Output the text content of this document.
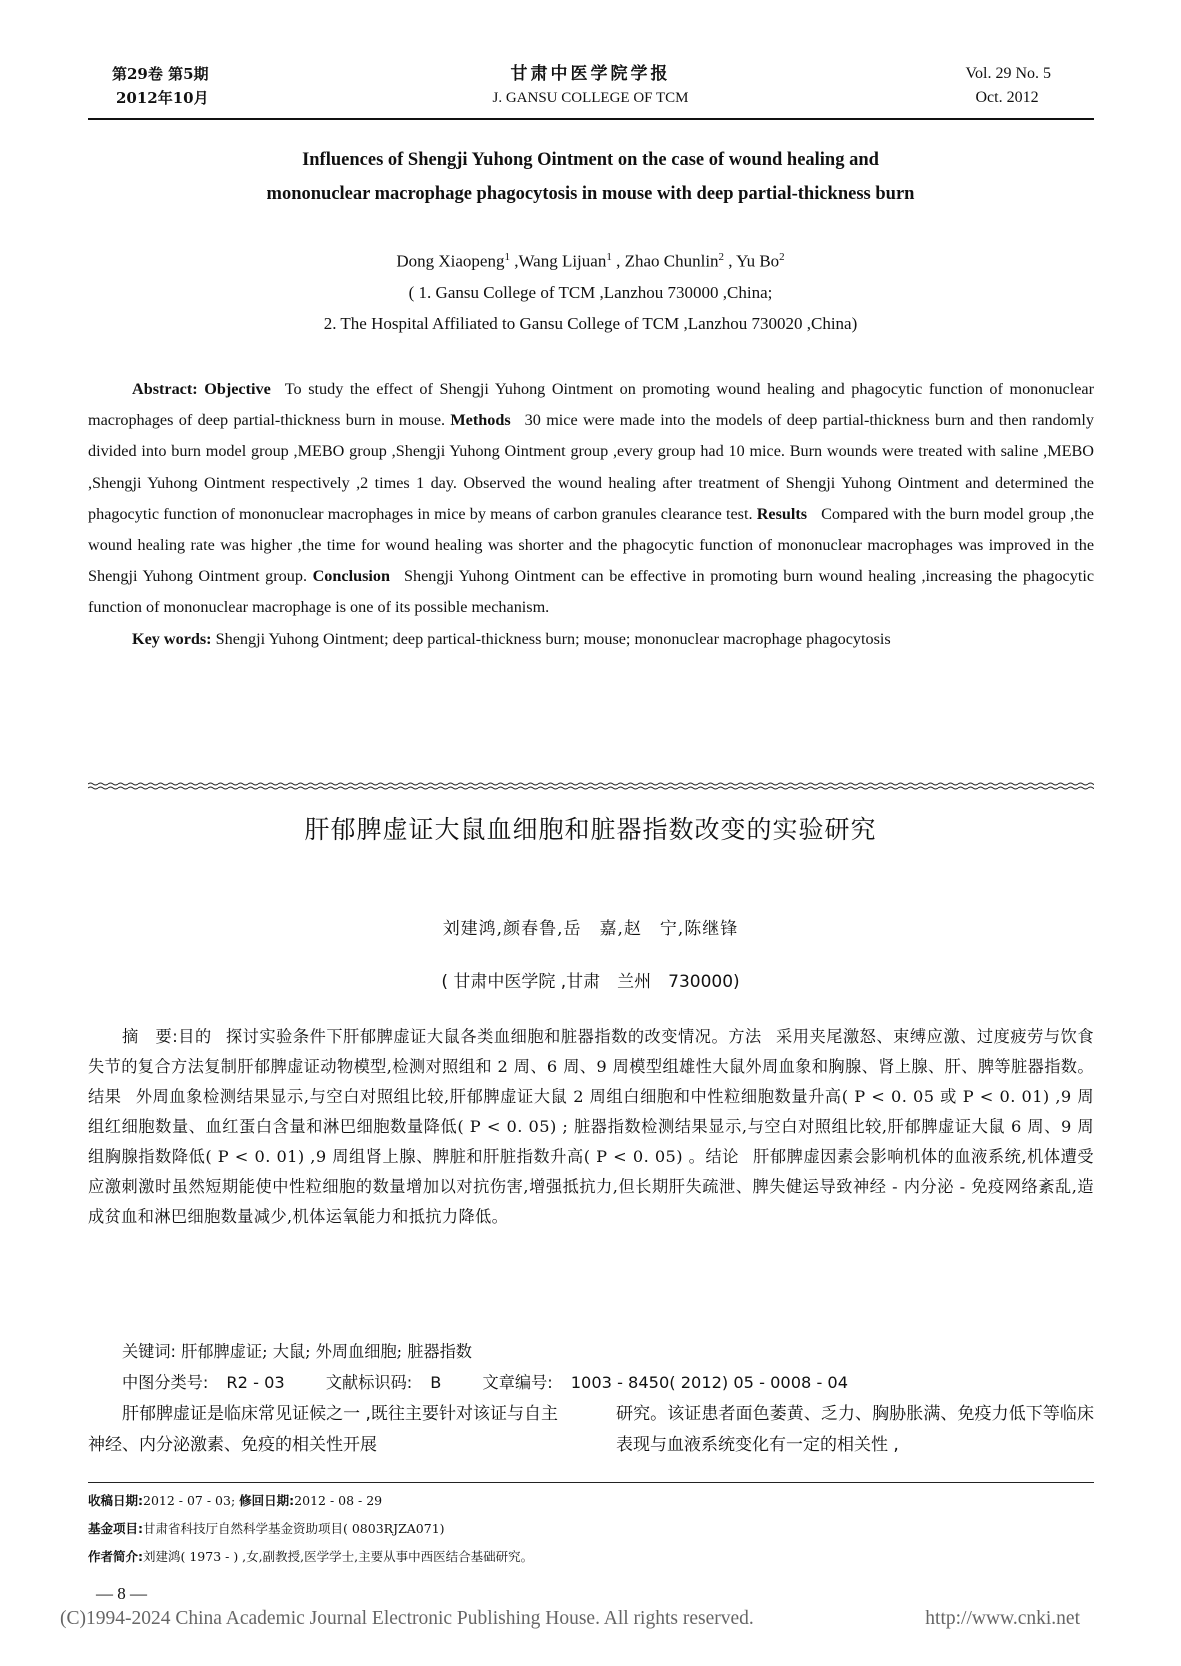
第29卷 第5期
2012年10月
甘肃中医学院学报
J. GANSU COLLEGE OF TCM
Vol. 29 No. 5
Oct. 2012
Influences of Shengji Yuhong Ointment on the case of wound healing and
mononuclear macrophage phagocytosis in mouse with deep partial-thickness burn
Dong Xiaopeng$^1$ ,Wang Lijuan$^1$ , Zhao Chunlin$^2$ , Yu Bo$^2$
( 1. Gansu College of TCM ,Lanzhou 730000 ,China;
2. The Hospital Affiliated to Gansu College of TCM ,Lanzhou 730020 ,China)

Abstract: Objective To study the effect of Shengji Yuhong Ointment on promoting wound healing and phagocytic function of mononuclear macrophages of deep partial-thickness burn in mouse. Methods 30 mice were made into the models of deep partial-thickness burn and then randomly divided into burn model group ,MEBO group ,Shengji Yuhong Ointment group ,every group had 10 mice. Burn wounds were treated with saline ,MEBO ,Shengji Yuhong Ointment respectively ,2 times 1 day. Observed the wound healing after treatment of Shengji Yuhong Ointment and determined the phagocytic function of mononuclear macrophages in mice by means of carbon granules clearance test. Results Compared with the burn model group ,the wound healing rate was higher ,the time for wound healing was shorter and the phagocytic function of mononuclear macrophages was improved in the Shengji Yuhong Ointment group. Conclusion Shengji Yuhong Ointment can be effective in promoting burn wound healing ,increasing the phagocytic function of mononuclear macrophage is one of its possible mechanism.

Key words: Shengji Yuhong Ointment; deep partical-thickness burn; mouse; mononuclear macrophage phagocytosis

肝郁脾虚证大鼠血细胞和脏器指数改变的实验研究
刘建鸿,颜春鲁,岳　嘉,赵　宁,陈继锋
( 甘肃中医学院 ,甘肃　兰州　730000)

摘　要:目的 探讨实验条件下肝郁脾虚证大鼠各类血细胞和脏器指数的改变情况。方法 采用夹尾激怒、束缚应激、过度疲劳与饮食失节的复合方法复制肝郁脾虚证动物模型,检测对照组和 2 周、6 周、9 周模型组雄性大鼠外周血象和胸腺、肾上腺、肝、脾等脏器指数。结果 外周血象检测结果显示,与空白对照组比较,肝郁脾虚证大鼠 2 周组白细胞和中性粒细胞数量升高( P < 0. 05 或 P < 0. 01) ,9 周组红细胞数量、血红蛋白含量和淋巴细胞数量降低( P < 0. 05) ; 脏器指数检测结果显示,与空白对照组比较,肝郁脾虚证大鼠 6 周、9 周组胸腺指数降低( P < 0. 01) ,9 周组肾上腺、脾脏和肝脏指数升高( P < 0. 05) 。结论 肝郁脾虚因素会影响机体的血液系统,机体遭受应激刺激时虽然短期能使中性粒细胞的数量增加以对抗伤害,增强抵抗力,但长期肝失疏泄、脾失健运导致神经 - 内分泌 - 免疫网络紊乱,造成贫血和淋巴细胞数量减少,机体运氧能力和抵抗力降低。

关键词: 肝郁脾虚证; 大鼠; 外周血细胞; 脏器指数
中图分类号: R2 - 03	文献标识码: B	文章编号: 1003 - 8450( 2012) 05 - 0008 - 04

肝郁脾虚证是临床常见证候之一 ,既往主要针对该证与自主神经、内分泌激素、免疫的相关性开展

研究。该证患者面色萎黄、乏力、胸胁胀满、免疫力低下等临床表现与血液系统变化有一定的相关性 ,

收稿日期:2012 - 07 - 03; 修回日期:2012 - 08 - 29
基金项目:甘肃省科技厅自然科学基金资助项目( 0803RJZA071)
作者简介:刘建鸿( 1973 - ) ,女,副教授,医学学士,主要从事中西医结合基础研究。
— 8 —
(C)1994-2024 China Academic Journal Electronic Publishing House. All rights reserved.	http://www.cnki.net
